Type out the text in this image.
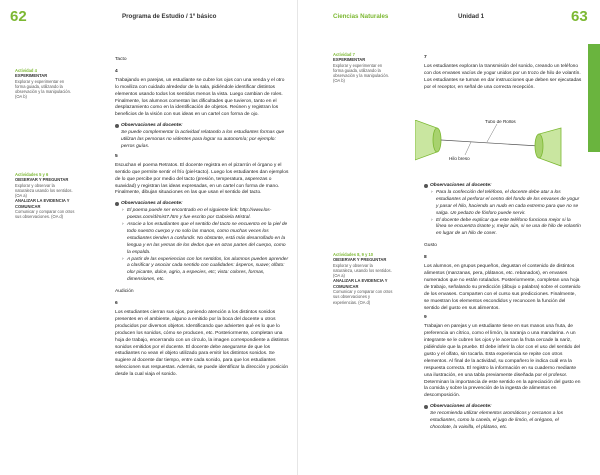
62	Programa de Estudio / 1º básico	Ciencias Naturales	Unidad 1	63
Actividad 4
EXPERIMENTAR
Explorar y experimentar en forma guiada, utilizando la observación y la manipulación. (OA b)
Actividades 5 y 6
OBSERVAR Y PREGUNTAR
Explorar y observar la naturaleza usando los sentidos. (OA a)
ANALIZAR LA EVIDENCIA Y COMUNICAR
Comunicar y comparar con otros sus observaciones. (OA d)

Tacto

4

Trabajando en parejas, un estudiante se cubre los ojos con una venda y el otro lo moviliza con cuidado alrededor de la sala, pidiéndole identificar distintos elementos usando todos los sentidos menos la vista. Luego cambian de roles. Finalmente, los alumnos comentan las dificultades que tuvieron, tanto en el desplazamiento como en la identificación de objetos. Reúnen y registran los beneficios de la visión con sus ideas en un cartel con forma de ojo.

Observaciones al docente:
Se puede complementar la actividad relatando a los estudiantes formas que utilizan las personas no videntes para lograr su autonomía; por ejemplo: perros guías.

5

Escuchan el poema Retratos. El docente registra en el pizarrón el órgano y el sentido que permite sentir el frío (piel-tacto). Luego los estudiantes dan ejemplos de lo que percibe por medio del tacto (presión, temperatura, asperezas o suavidad) y registran las ideas expresadas, en un cartel con forma de mano. Finalmente, dibujan situaciones en las que usan el sentido del tacto.

Observaciones al docente:
› El poema puede ser encontrado en el siguiente link: http://www.los-poetas.com/d/mist7.htm y fue escrito por Gabriela Mistral.
› Asocie a los estudiantes que el sentido del tacto se encuentra en la piel de todo nuestro cuerpo y no solo las manos, como muchas veces los estudiantes tienden a confundir. No obstante, está más desarrollado en la lengua y en las yemas de los dedos que en otras partes del cuerpo, como la espalda.
› A partir de las experiencias con los sentidos, los alumnos pueden aprender a clasificar y asociar cada sentido con cualidades: ásperos, suave; olfato: olor picante, dulce, agrio, a especies, etc; vista: colores, formas, dimensiones, etc.

Audición

6

Los estudiantes cierran sus ojos, poniendo atención a los distintos sonidos presentes en el ambiente, alguno a emitido por la boca del docente u otros producidos por diversos objetos. Identificando que advierten qué es lo que lo producen los sonidos, cómo se producen, etc. Posteriormente, completan una hoja de trabajo, encerrando con un círculo, la imagen correspondiente a distintos sonidos emitidos por el docente. El docente debe asegurarse de que los estudiantes no vean el objeto utilizado para emitir los distintos sonidos. Se sugiere al docente dar tiempo, entre cada sonido, para que los estudiantes seleccionen sus respuestas. Además, se puede identificar la dirección y posición desde la cual viaja el sonido.

Actividad 7
EXPERIMENTAR
Explorar y experimentar en forma guiada, utilizando la observación y la manipulación. (OA b)
Actividades 8, 9 y 10
OBSERVAR Y PREGUNTAR
Explorar y observar la naturaleza, usando los sentidos. (OA a)
ANALIZAR LA EVIDENCIA Y COMUNICAR
Comunicar y comparar con otros sus observaciones y experiencias. (OA d)

7

Los estudiantes exploran la transmisión del sonido, creando un teléfono con dos envases vacíos de yogur unidos por un trozo de hilo de volantín. Los estudiantes se turnan en dar instrucciones que deben ser ejecutadas por el receptor, en señal de una correcta recepción.

Tubo de Rollos
Hilo breso
Observaciones al docente:
› Para la confección del teléfono, el docente debe atar a los estudiantes al perforar el centro del fondo de los envases de yogur y pasar el hilo, haciendo un nudo en cada extremo para que no se salga. Un pedazo de fósforo puede servir.
› El docente debe explicar que este teléfono funciona mejor si la línea se encuentra tirante y, mejor aún, si se usa de hilo de volantín en lugar de un hilo de coser.

Gusto

8

Los alumnos, en grupos pequeños, degustan el contenido de distintos alimentos (manzanas, pera, plátanos, etc. rebanados), en envases numerados que no están rotulados. Posteriormente, completan una hoja de trabajo, señalando su predicción (dibujo o palabra) sobre el contenido de los envases. Comparten con el curso sus predicciones. Finalmente, se muestran los elementos escondidos y reconocen la función del sentido del gusto en sus alimentos.

9

Trabajan en parejas y un estudiante tiene en sus manos una fruta, de preferencia un cítrico, como el limón, la naranja o una mandarina. A un integrante se le cubren los ojos y le acercan la fruta cercade la nariz, pidiéndole que la pruebe. El debe inferir la olor con el uso del sentido del gusto y el olfato, sin tocarla. Esta experiencia se repite con otros elementos. Al final de la actividad, su compañero le indica cuál era la respuesta correcta. El registro la información en su cuaderno mediante una ilustración, en una tabla previamente diseñada por el profesor. Determinan la importancia de este sentido en la apreciación del gusto en la comida y sobre la prevención de la ingesta de alimentos en descomposición.

Observaciones al docente:
Se recomienda utilizar elementos aromáticos y cercanos a los estudiantes, como la canela, el jugo de limón, el orégano, el chocolate, la vainilla, el plátano, etc.
